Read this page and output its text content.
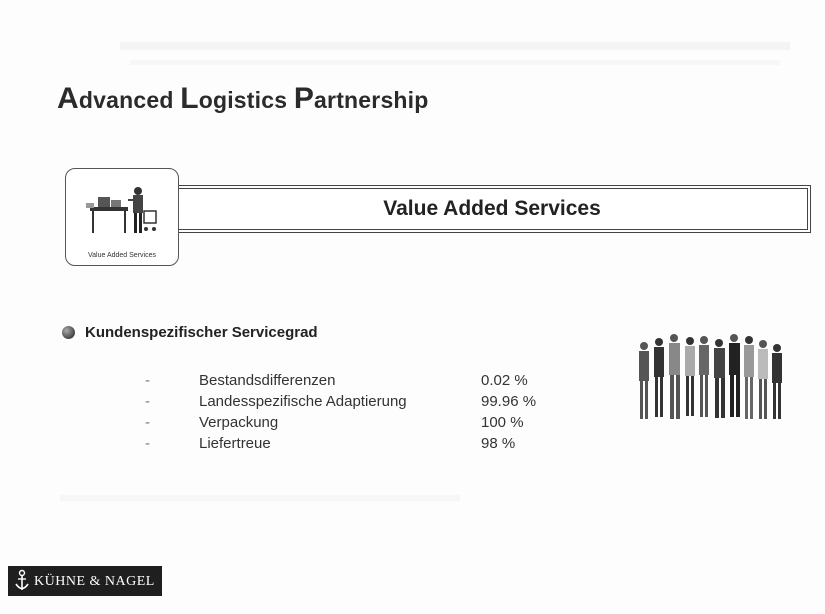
Advanced Logistics Partnership
Value Added Services
Value Added Services
Kundenspezifischer Servicegrad
-	Bestandsdifferenzen	0.02 %
-	Landesspezifische Adaptierung	99.96 %
-	Verpackung	100 %
-	Liefertreue	98 %
KÜHNE & NAGEL
